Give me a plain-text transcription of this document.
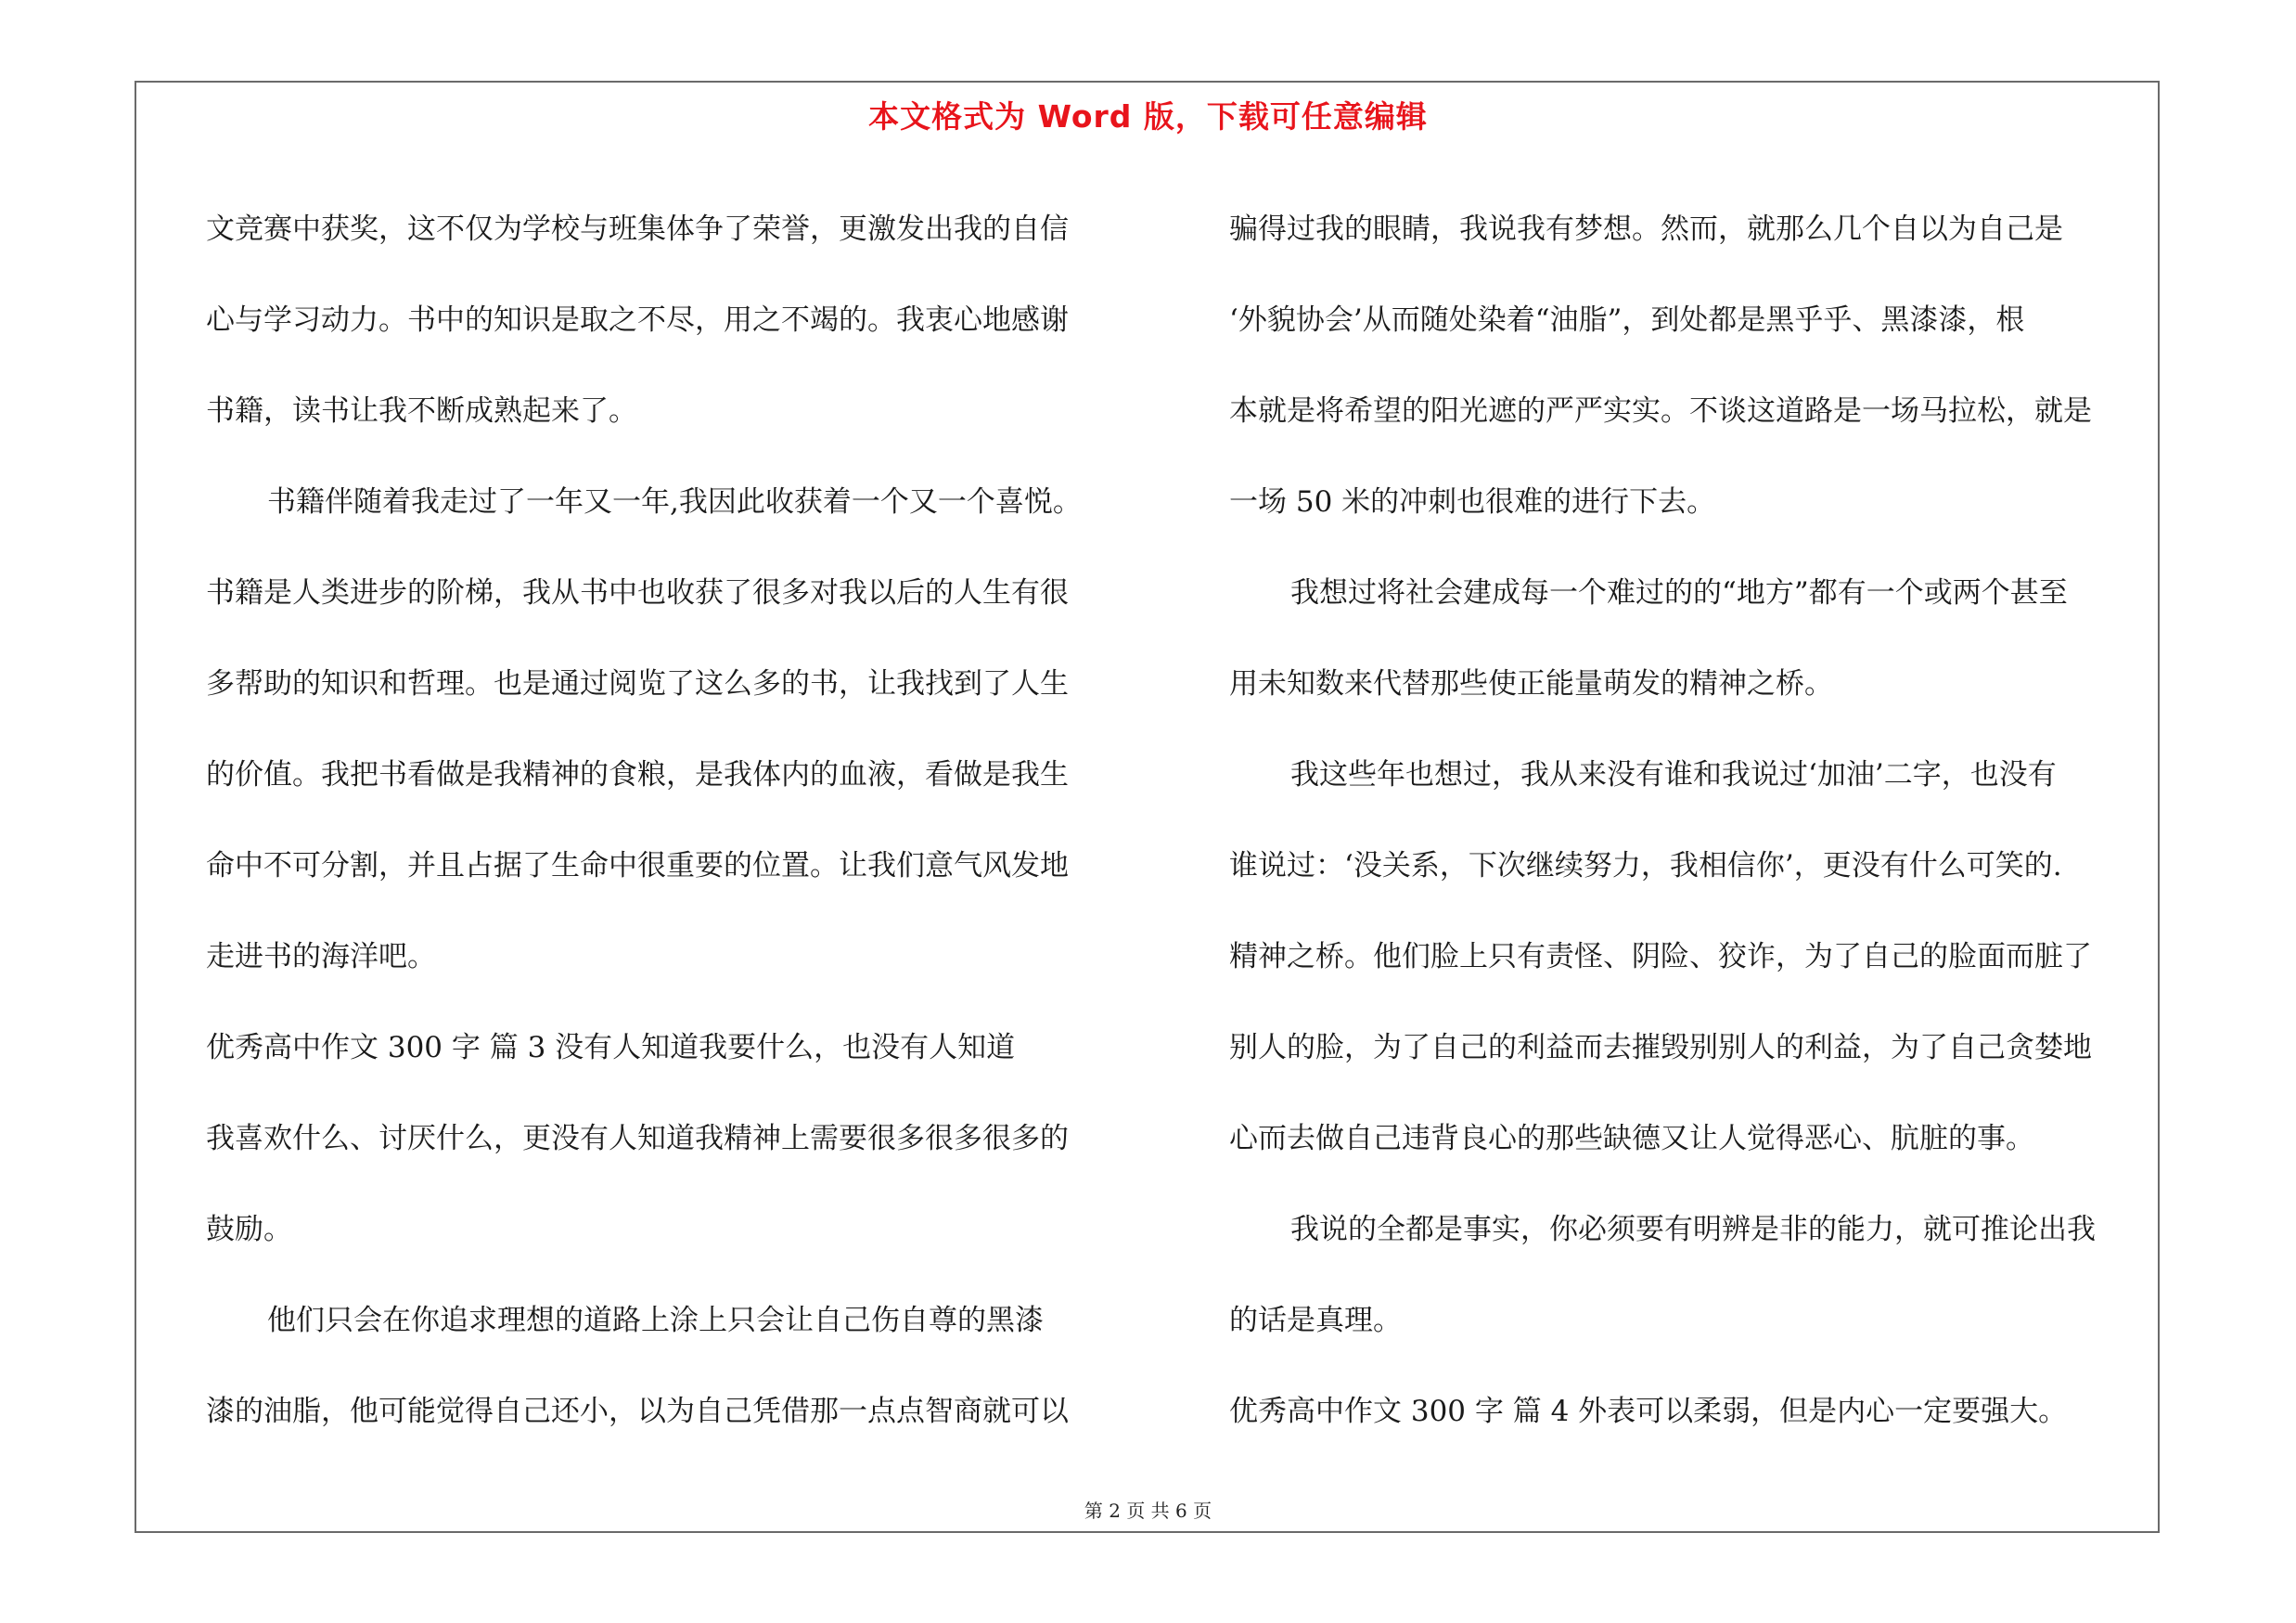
本文格式为 Word 版，下载可任意编辑
文竞赛中获奖，这不仅为学校与班集体争了荣誉，更激发出我的自信
心与学习动力。书中的知识是取之不尽，用之不竭的。我衷心地感谢
书籍，读书让我不断成熟起来了。
书籍伴随着我走过了一年又一年,我因此收获着一个又一个喜悦。
书籍是人类进步的阶梯，我从书中也收获了很多对我以后的人生有很
多帮助的知识和哲理。也是通过阅览了这么多的书，让我找到了人生
的价值。我把书看做是我精神的食粮，是我体内的血液，看做是我生
命中不可分割，并且占据了生命中很重要的位置。让我们意气风发地
走进书的海洋吧。
优秀高中作文 300 字 篇 3 没有人知道我要什么，也没有人知道
我喜欢什么、讨厌什么，更没有人知道我精神上需要很多很多很多的
鼓励。
他们只会在你追求理想的道路上涂上只会让自己伤自尊的黑漆
漆的油脂，他可能觉得自己还小，以为自己凭借那一点点智商就可以
骗得过我的眼睛，我说我有梦想。然而，就那么几个自以为自己是
‘外貌协会’从而随处染着“油脂”，到处都是黑乎乎、黑漆漆，根
本就是将希望的阳光遮的严严实实。不谈这道路是一场马拉松，就是
一场 50 米的冲刺也很难的进行下去。
我想过将社会建成每一个难过的的“地方”都有一个或两个甚至
用未知数来代替那些使正能量萌发的精神之桥。
我这些年也想过，我从来没有谁和我说过‘加油’二字，也没有
谁说过：‘没关系，下次继续努力，我相信你’，更没有什么可笑的.
精神之桥。他们脸上只有责怪、阴险、狡诈，为了自己的脸面而脏了
别人的脸，为了自己的利益而去摧毁别别人的利益，为了自己贪婪地
心而去做自己违背良心的那些缺德又让人觉得恶心、肮脏的事。
我说的全都是事实，你必须要有明辨是非的能力，就可推论出我
的话是真理。
优秀高中作文 300 字 篇 4 外表可以柔弱，但是内心一定要强大。
第 2 页 共 6 页
